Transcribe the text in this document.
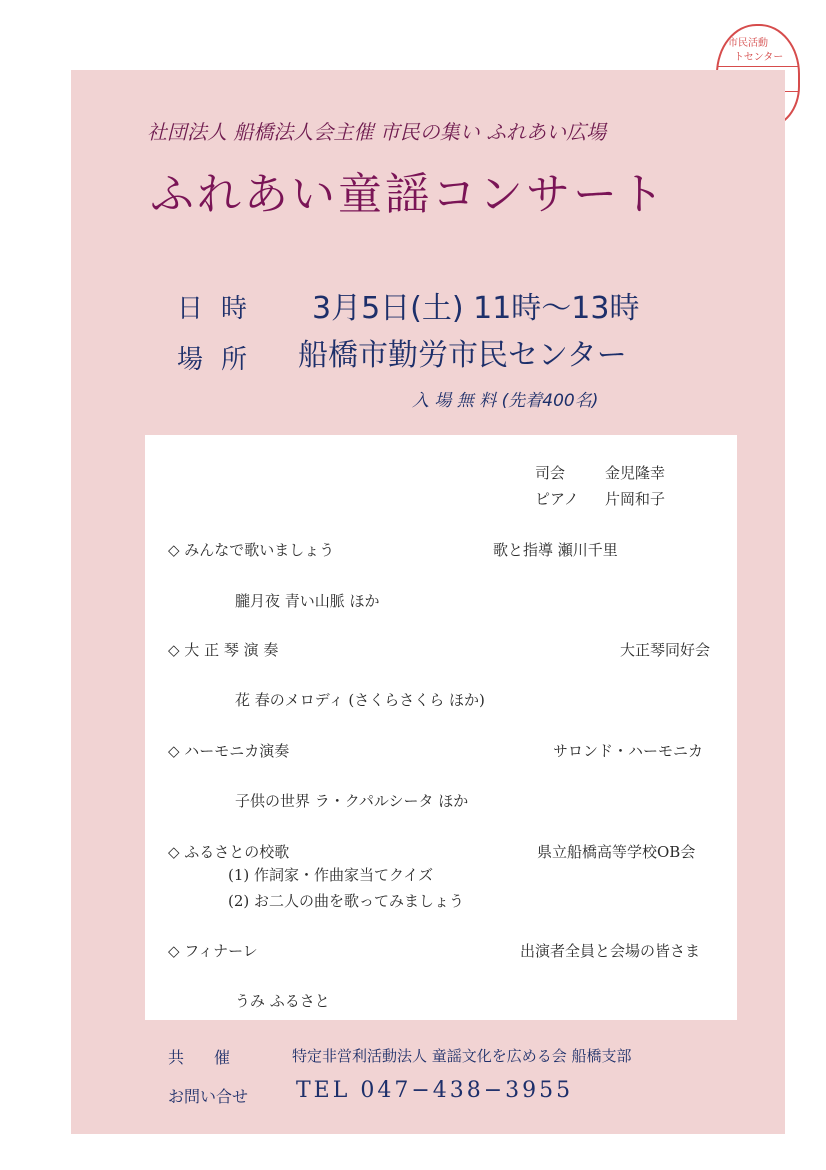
市民活動
トセンター
社団法人 船橋法人会主催 市民の集い ふれあい広場
ふれあい童謡コンサート
日時 3月5日(土) 11時〜13時
場所 船橋市勤労市民センター
入 場 無 料 (先着400名)
司会	金児隆幸
ピアノ 片岡和子
◇ みんなで歌いましょう	歌と指導 瀬川千里
朧月夜 青い山脈 ほか
◇ 大 正 琴 演 奏	大正琴同好会
花 春のメロディ (さくらさくら ほか)
◇ ハーモニカ演奏	サロンド・ハーモニカ
子供の世界 ラ・クパルシータ ほか
◇ ふるさとの校歌	県立船橋高等学校OB会
(1) 作詞家・作曲家当てクイズ
(2) お二人の曲を歌ってみましょう
◇ フィナーレ	出演者全員と会場の皆さま
うみ ふるさと
共催 特定非営利活動法人 童謡文化を広める会 船橋支部
お問い合せ TEL 047−438−3955
